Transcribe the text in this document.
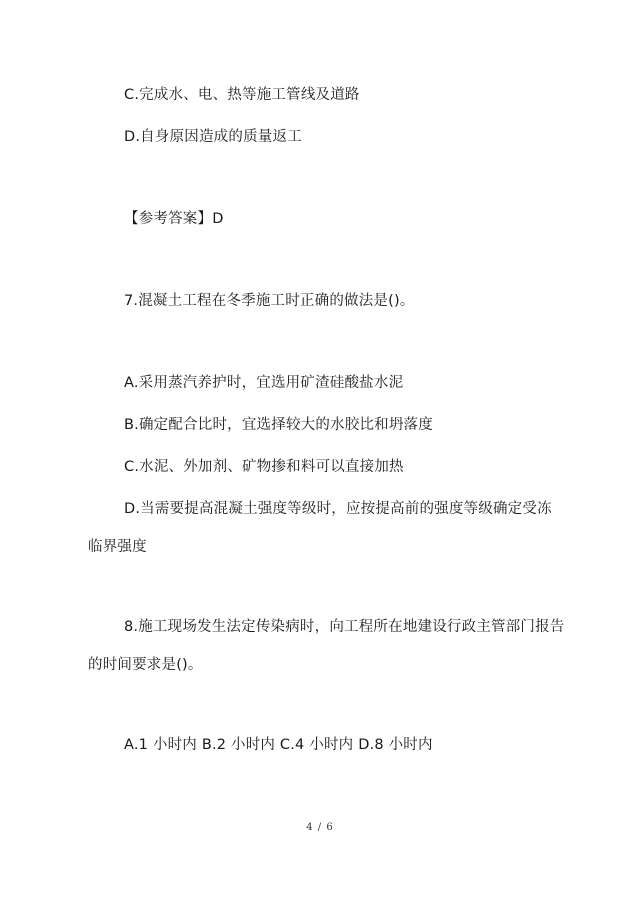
C.完成水、电、热等施工管线及道路
D.自身原因造成的质量返工
【参考答案】D
7.混凝土工程在冬季施工时正确的做法是()。
A.采用蒸汽养护时，宜选用矿渣硅酸盐水泥
B.确定配合比时，宜选择较大的水胶比和坍落度
C.水泥、外加剂、矿物掺和料可以直接加热
D.当需要提高混凝土强度等级时，应按提高前的强度等级确定受冻
临界强度
8.施工现场发生法定传染病时，向工程所在地建设行政主管部门报告
的时间要求是()。
A.1 小时内 B.2 小时内 C.4 小时内 D.8 小时内
4 / 6
